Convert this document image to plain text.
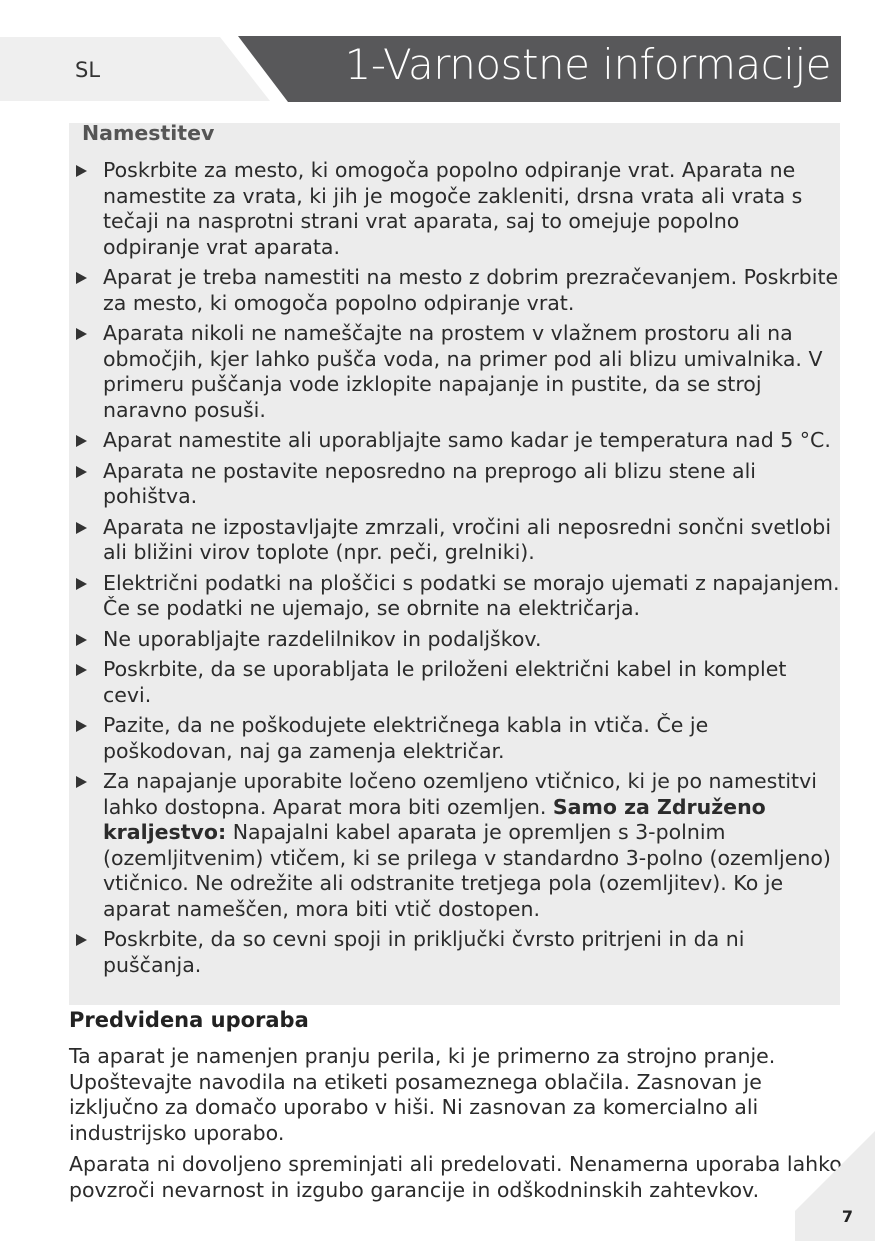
SL	1-Varnostne informacije
Namestitev
Poskrbite za mesto, ki omogoča popolno odpiranje vrat. Aparata ne namestite za vrata, ki jih je mogoče zakleniti, drsna vrata ali vrata s tečaji na nasprotni strani vrat aparata, saj to omejuje popolno odpiranje vrat aparata.
Aparat je treba namestiti na mesto z dobrim prezračevanjem. Poskrbite za mesto, ki omogoča popolno odpiranje vrat.
Aparata nikoli ne nameščajte na prostem v vlažnem prostoru ali na območjih, kjer lahko pušča voda, na primer pod ali blizu umivalnika. V primeru puščanja vode izklopite napajanje in pustite, da se stroj naravno posuši.
Aparat namestite ali uporabljajte samo kadar je temperatura nad 5 °C.
Aparata ne postavite neposredno na preprogo ali blizu stene ali pohištva.
Aparata ne izpostavljajte zmrzali, vročini ali neposredni sončni svetlobi ali bližini virov toplote (npr. peči, grelniki).
Električni podatki na ploščici s podatki se morajo ujemati z napajanjem. Če se podatki ne ujemajo, se obrnite na električarja.
Ne uporabljajte razdelilnikov in podaljškov.
Poskrbite, da se uporabljata le priloženi električni kabel in komplet cevi.
Pazite, da ne poškodujete električnega kabla in vtiča. Če je poškodovan, naj ga zamenja električar.
Za napajanje uporabite ločeno ozemljeno vtičnico, ki je po namestitvi lahko dostopna. Aparat mora biti ozemljen. Samo za Združeno kraljestvo: Napajalni kabel aparata je opremljen s 3-polnim (ozemljitvenim) vtičem, ki se prilega v standardno 3-polno (ozemljeno) vtičnico. Ne odrežite ali odstranite tretjega pola (ozemljitev). Ko je aparat nameščen, mora biti vtič dostopen.
Poskrbite, da so cevni spoji in priključki čvrsto pritrjeni in da ni puščanja.
Predvidena uporaba

Ta aparat je namenjen pranju perila, ki je primerno za strojno pranje. Upoštevajte navodila na etiketi posameznega oblačila. Zasnovan je izključno za domačo uporabo v hiši. Ni zasnovan za komercialno ali industrijsko uporabo.

Aparata ni dovoljeno spreminjati ali predelovati. Nenamerna uporaba lahko povzroči nevarnost in izgubo garancije in odškodninskih zahtevkov.

7
